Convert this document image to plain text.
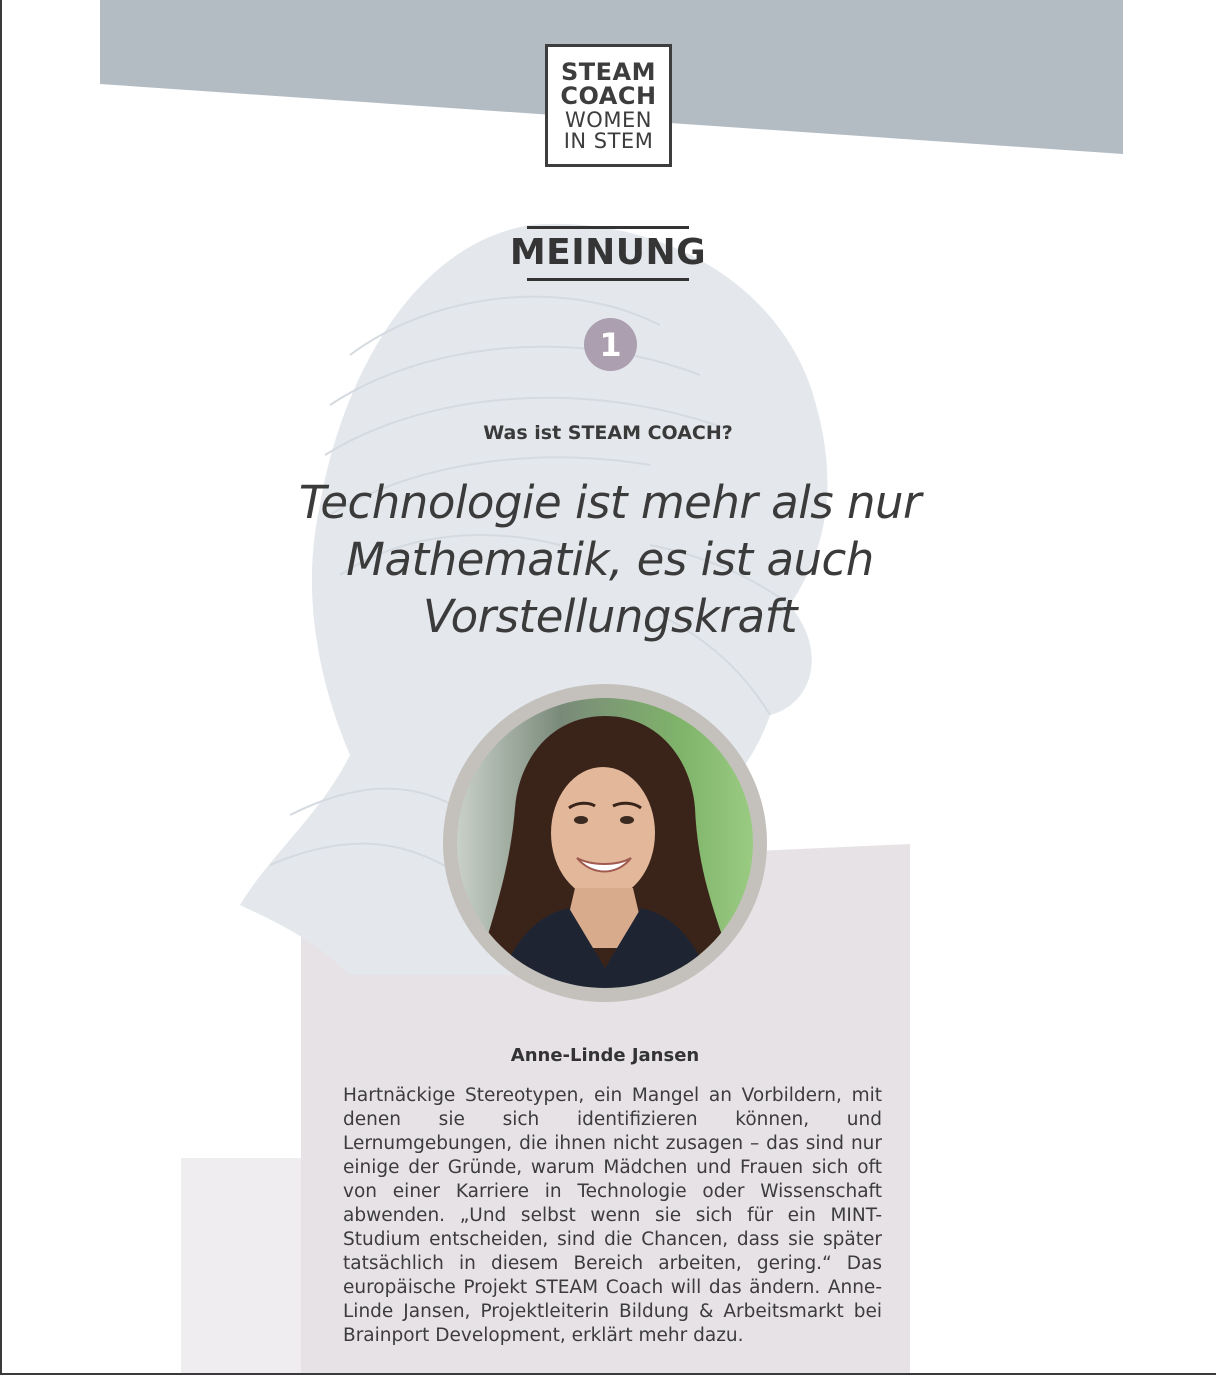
STEAM
COACH
WOMEN
IN STEM
MEINUNG
1
Was ist STEAM COACH?
Technologie ist mehr als nur
Mathematik, es ist auch
Vorstellungskraft
Anne-Linde Jansen

Hartnäckige Stereotypen, ein Mangel an Vorbildern, mit denen sie sich identifizieren können, und Lernumgebungen, die ihnen nicht zusagen – das sind nur einige der Gründe, warum Mädchen und Frauen sich oft von einer Karriere in Technologie oder Wissenschaft abwenden. „Und selbst wenn sie sich für ein MINT-Studium entscheiden, sind die Chancen, dass sie später tatsächlich in diesem Bereich arbeiten, gering.“ Das europäische Projekt STEAM Coach will das ändern. Anne-Linde Jansen, Projektleiterin Bildung & Arbeitsmarkt bei Brainport Development, erklärt mehr dazu.
